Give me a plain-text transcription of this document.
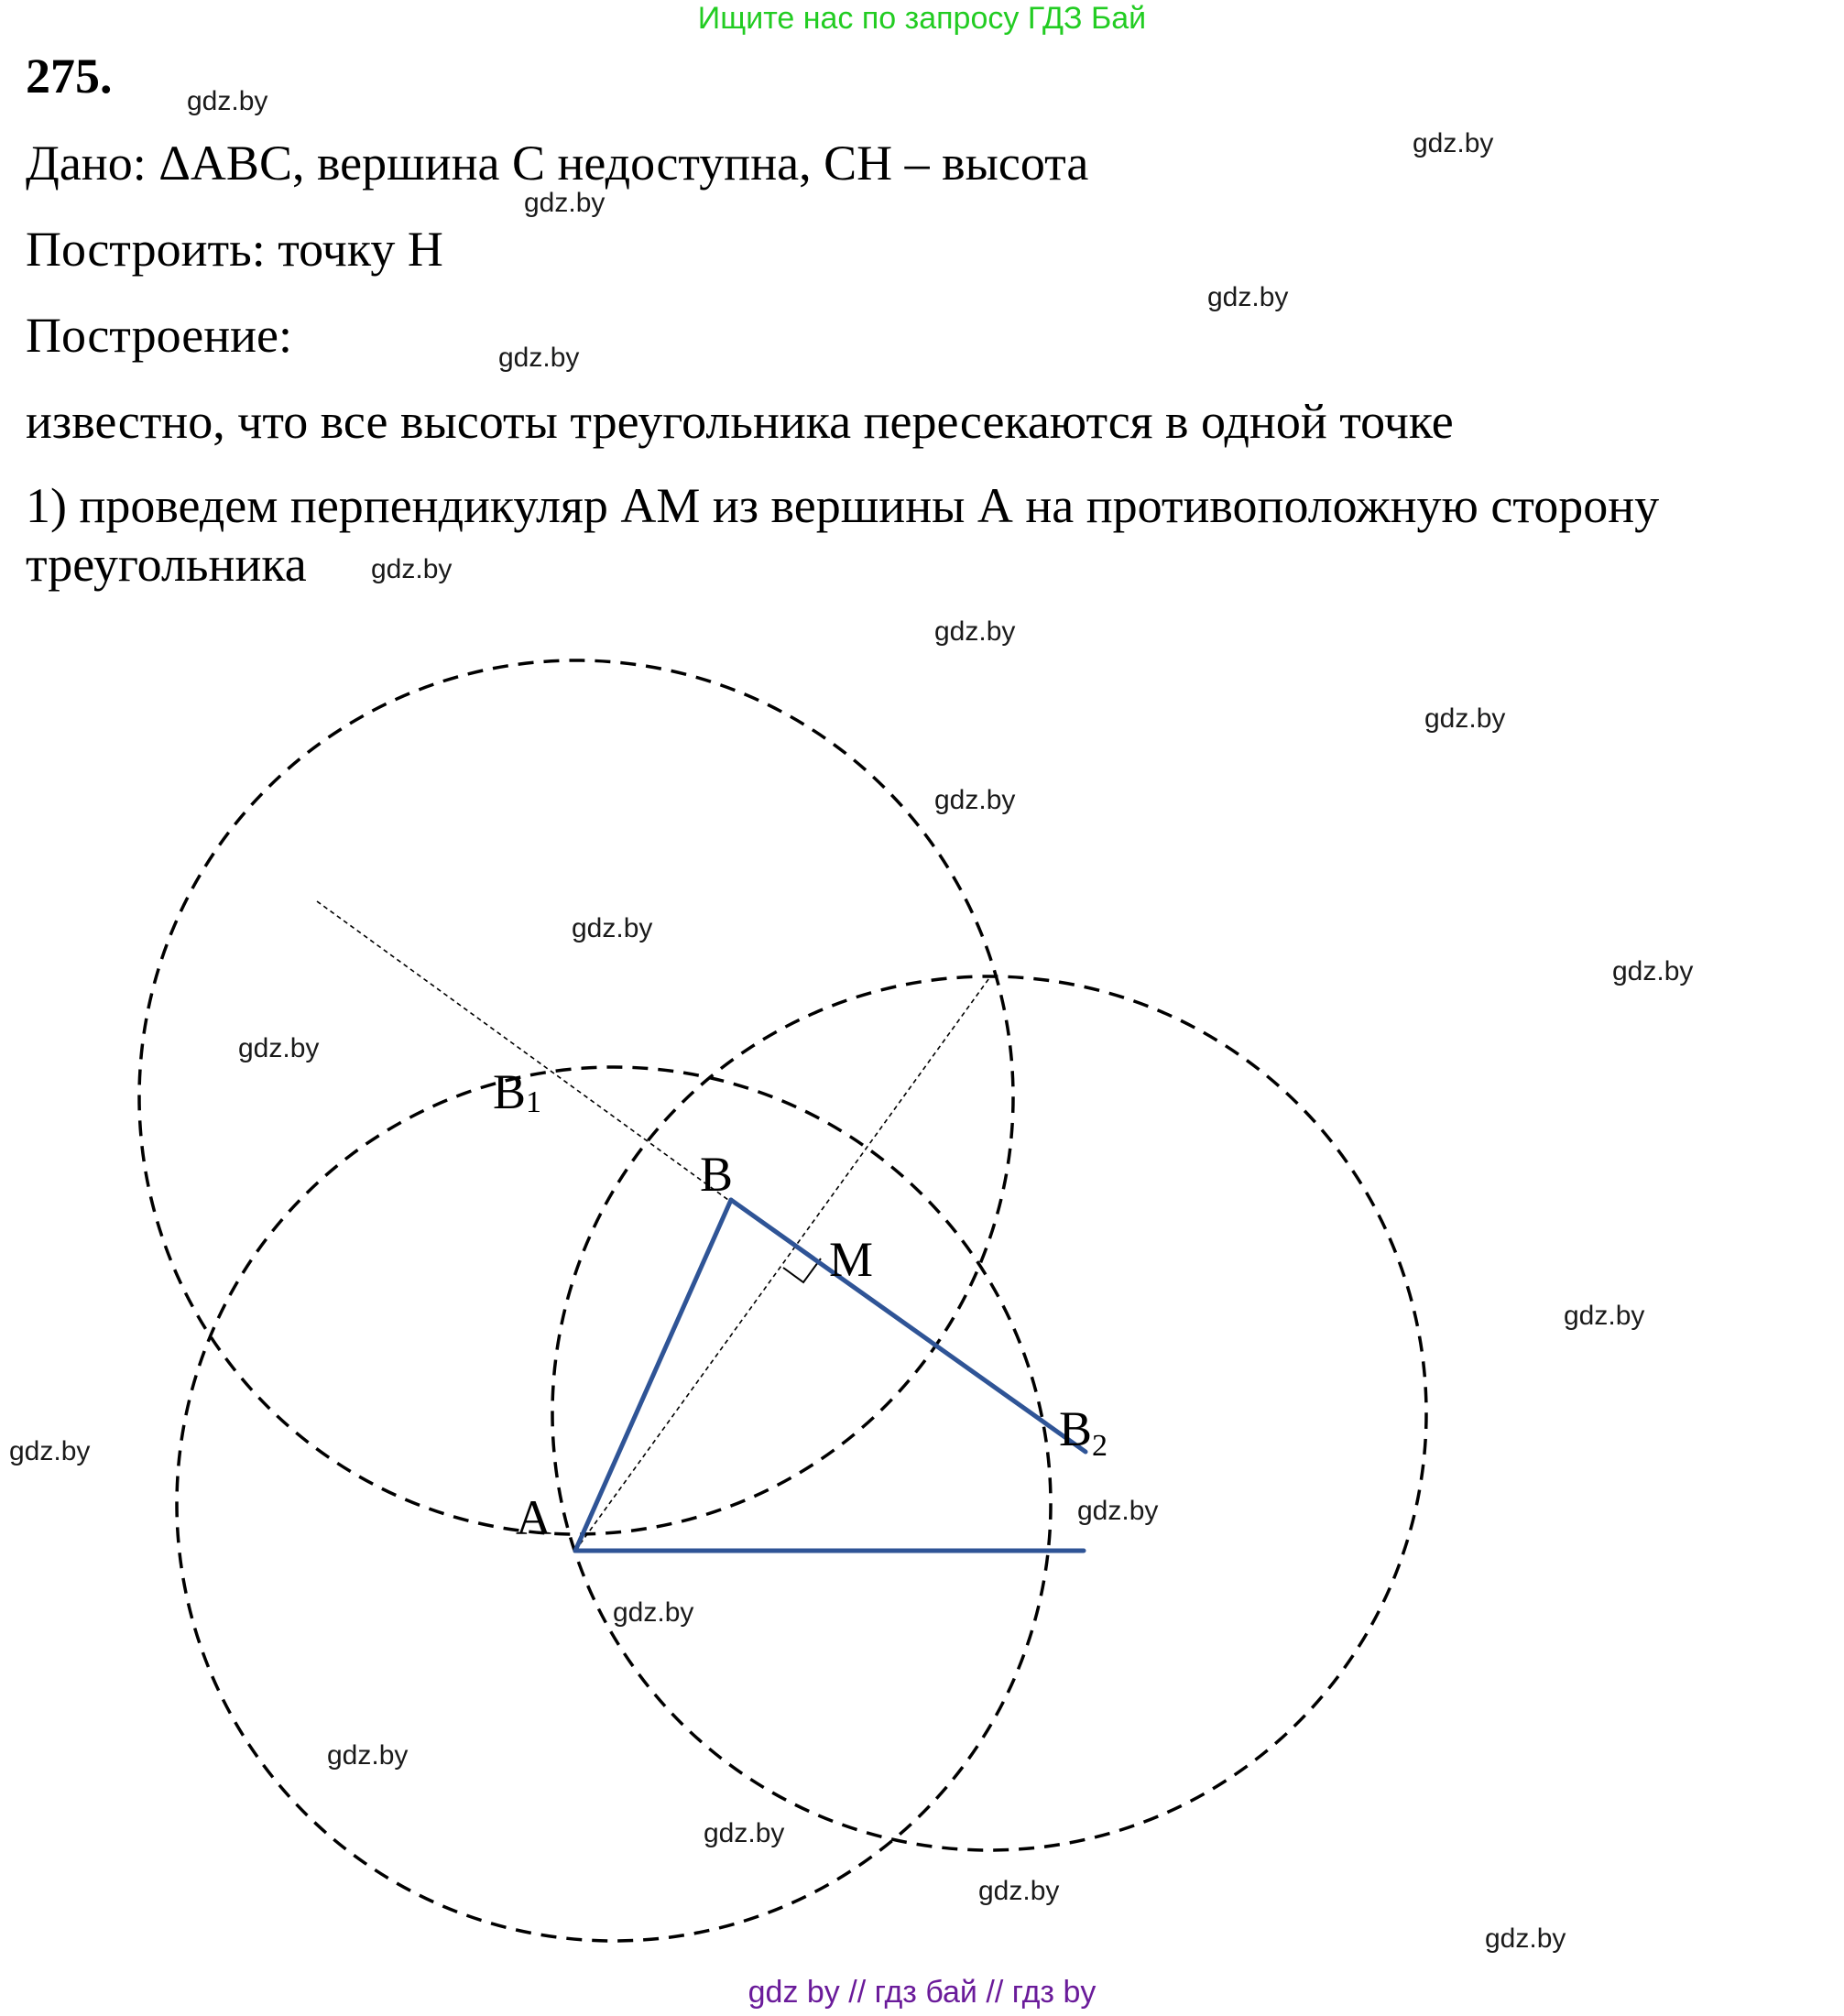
Ищите нас по запросу ГДЗ Бай
275.
Дано: ΔАВС, вершина С недоступна, СН – высота
Построить: точку Н
Построение:
известно, что все высоты треугольника пересекаются в одной точке
1) проведем перпендикуляр АМ из вершины А на противоположную сторону
треугольника
A
B
M
B 1
B 2
gdz.by
gdz.by
gdz.by
gdz.by
gdz.by
gdz.by
gdz.by
gdz.by
gdz.by
gdz.by
gdz.by
gdz.by
gdz.by
gdz.by
gdz.by
gdz.by
gdz.by
gdz.by
gdz.by
gdz.by
gdz by // гдз бай // гдз by
